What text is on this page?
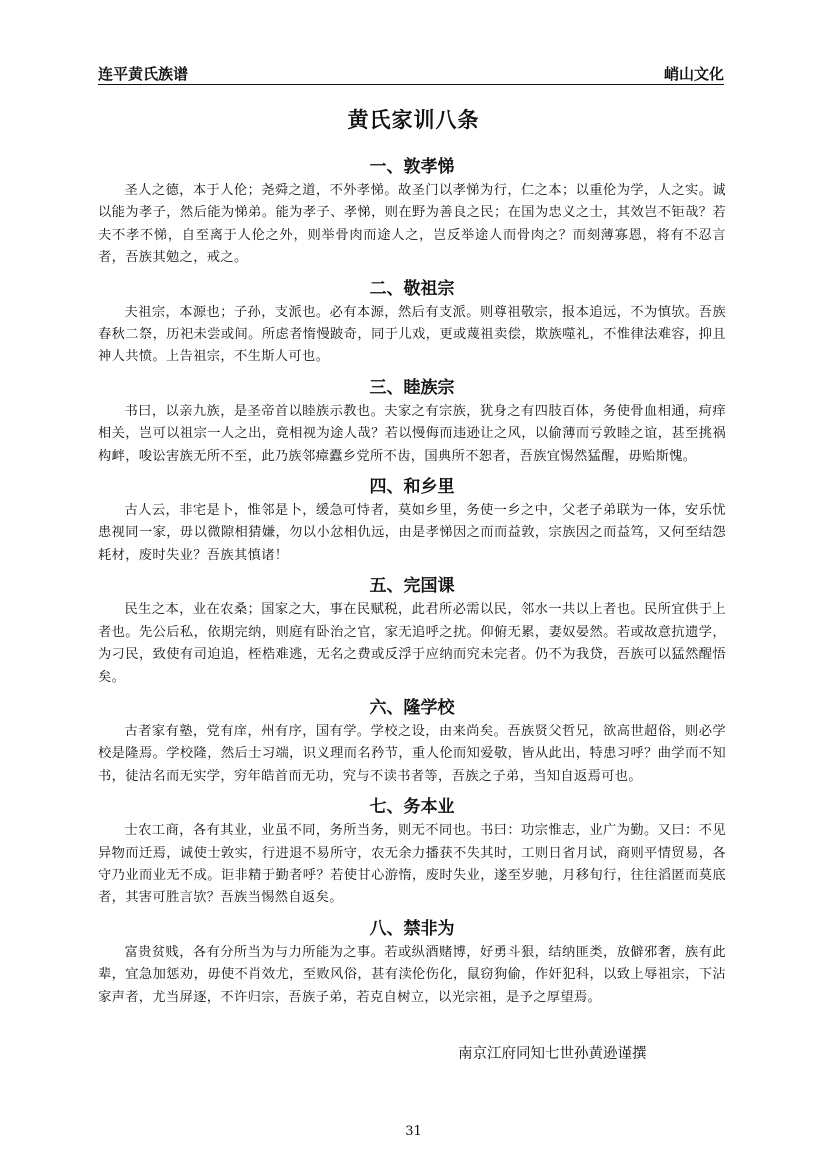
连平黄氏族谱	峭山文化
黄氏家训八条
一、敦孝悌

圣人之德，本于人伦；尧舜之道，不外孝悌。故圣门以孝悌为行，仁之本；以重伦为学，人之实。诚以能为孝子，然后能为悌弟。能为孝子、孝悌，则在野为善良之民；在国为忠义之士，其效岂不钜哉？若夫不孝不悌，自至离于人伦之外，则举骨肉而途人之，岂反举途人而骨肉之？而刻薄寡恩，将有不忍言者，吾族其勉之，戒之。

二、敬祖宗

夫祖宗，本源也；子孙，支派也。必有本源，然后有支派。则尊祖敬宗，报本追远，不为慎欤。吾族春秋二祭，历祀未尝或间。所虑者惰慢跛奇，同于儿戏，更或蔑祖卖偿，欺族噬礼，不惟律法难容，抑且神人共愤。上告祖宗，不生斯人可也。

三、睦族宗

书曰，以亲九族，是圣帝首以睦族示教也。夫家之有宗族，犹身之有四肢百体，务使骨血相通，疴痒相关，岂可以祖宗一人之出，竟相视为途人哉？若以慢侮而违逊让之风，以偷薄而亏敦睦之谊，甚至挑祸构衅，唆讼害族无所不至，此乃族邻瘴蠹乡党所不齿，国典所不恕者，吾族宜惕然猛醒，毋贻斯愧。

四、和乡里

古人云，非宅是卜，惟邻是卜，缓急可恃者，莫如乡里，务使一乡之中，父老子弟联为一体，安乐忧患视同一家，毋以微隙相猜嫌，勿以小忿相仇远，由是孝悌因之而而益敦，宗族因之而益笃，又何至结怨耗材，废时失业？吾族其慎诸！

五、完国课

民生之本，业在农桑；国家之大，事在民赋税，此君所必需以民，邻水一共以上者也。民所宜供于上者也。先公后私，依期完纳，则庭有卧治之官，家无追呼之扰。仰俯无累，妻奴晏然。若或故意抗遗学，为刁民，致使有司迫追，桎梏难逃，无名之费或反浮于应纳而究未完者。仍不为我贷，吾族可以猛然醒悟矣。

六、隆学校

古者家有塾，党有庠，州有序，国有学。学校之设，由来尚矣。吾族贤父哲兄，欲高世超俗，则必学校是隆焉。学校隆，然后士习端，识义理而名矜节，重人伦而知爱敬，皆从此出，特患习呼？曲学而不知书，徒沽名而无实学，穷年皓首而无功，究与不读书者等，吾族之子弟，当知自返焉可也。

七、务本业

士农工商，各有其业，业虽不同，务所当务，则无不同也。书曰：功宗惟志，业广为勤。又曰：不见异物而迁焉，诚使士敦实，行进退不易所守，农无余力播获不失其时，工则日省月试，商则平情贸易，各守乃业而业无不成。讵非精于勤者呼？若使甘心游惰，废时失业，遂至岁驰，月移旬行，往往滔匿而莫底者，其害可胜言欤？吾族当惕然自返矣。

八、禁非为

富贵贫贱，各有分所当为与力所能为之事。若或纵酒赌博，好勇斗狠，结纳匪类，放僻邪奢，族有此辈，宜急加惩劝，毋使不肖效尤，至败风俗，甚有渎伦伤化，鼠窃狗偷，作奸犯科，以致上辱祖宗，下沾家声者，尤当屏逐，不许归宗，吾族子弟，若克自树立，以光宗祖，是予之厚望焉。

南京江府同知七世孙黄逊谨撰
31
